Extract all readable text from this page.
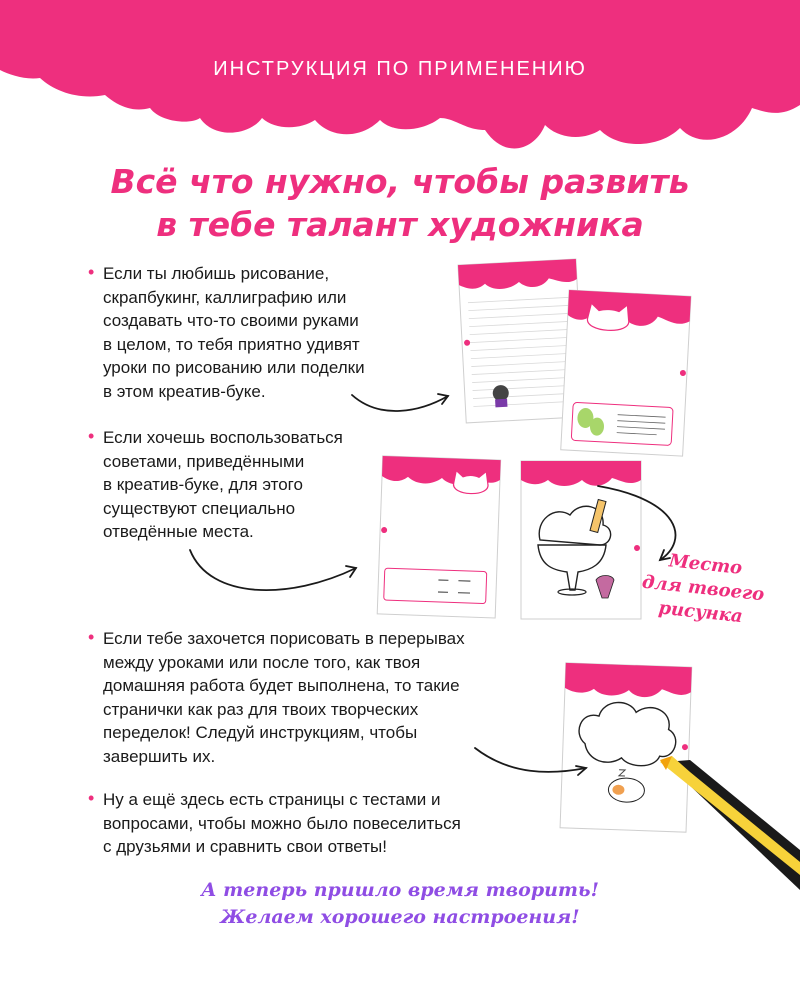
ИНСТРУКЦИЯ ПО ПРИМЕНЕНИЮ
Всё что нужно, чтобы развить
в тебе талант художника
• Если ты любишь рисование,
скрапбукинг, каллиграфию или
создавать что-то своими руками
в целом, то тебя приятно удивят
уроки по рисованию или поделки
в этом креатив-буке.
• Если хочешь воспользоваться
советами, приведёнными
в креатив-буке, для этого
существуют специально
отведённые места.
• Если тебе захочется порисовать в перерывах
между уроками или после того, как твоя
домашняя работа будет выполнена, то такие
странички как раз для твоих творческих
переделок! Следуй инструкциям, чтобы
завершить их.
• Ну а ещё здесь есть страницы с тестами и
вопросами, чтобы можно было повеселиться
с друзьями и сравнить свои ответы!
Место
для твоего
рисунка
А теперь пришло время творить!
Желаем хорошего настроения!
